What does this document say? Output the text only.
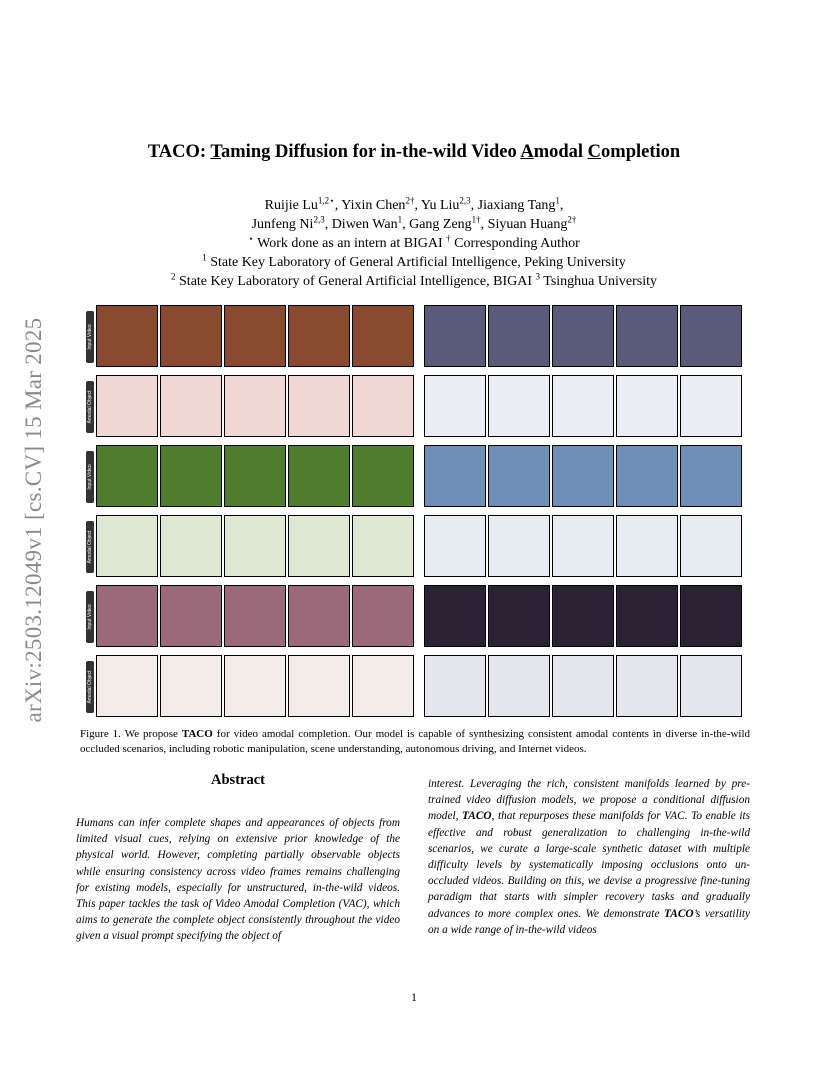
arXiv:2503.12049v1 [cs.CV] 15 Mar 2025
TACO: Taming Diffusion for in-the-wild Video Amodal Completion
Ruijie $Lu^{1,2⋆}$, Yixin Chen$^{2\dagger}$, Yu Liu$^{2,3}$, Jiaxiang Tang$^1$,
Junfeng Ni$^{2,3}$, Diwen Wan$^1$, Gang Zeng$^{1\dagger}$, Siyuan Huang$^{2\dagger}$
⋆ Work done as an intern at BIGAI † Corresponding Author
$^1$ State Key Laboratory of General Artificial Intelligence, Peking University
$^2$ State Key Laboratory of General Artificial Intelligence, BIGAI $^3$ Tsinghua University
Input Video
Amodal Object
Input Video
Amodal Object
Input Video
Amodal Object
Figure 1. We propose TACO for video amodal completion. Our model is capable of synthesizing consistent amodal contents in diverse in-the-wild occluded scenarios, including robotic manipulation, scene understanding, autonomous driving, and Internet videos.
Abstract
Humans can infer complete shapes and appearances of objects from limited visual cues, relying on extensive prior knowledge of the physical world. However, completing partially observable objects while ensuring consistency across video frames remains challenging for existing models, especially for unstructured, in-the-wild videos. This paper tackles the task of Video Amodal Completion (VAC), which aims to generate the complete object consistently throughout the video given a visual prompt specifying the object of
interest. Leveraging the rich, consistent manifolds learned by pre-trained video diffusion models, we propose a conditional diffusion model, TACO, that repurposes these manifolds for VAC. To enable its effective and robust generalization to challenging in-the-wild scenarios, we curate a large-scale synthetic dataset with multiple difficulty levels by systematically imposing occlusions onto un-occluded videos. Building on this, we devise a progressive fine-tuning paradigm that starts with simpler recovery tasks and gradually advances to more complex ones. We demonstrate TACO’s versatility on a wide range of in-the-wild videos
1
